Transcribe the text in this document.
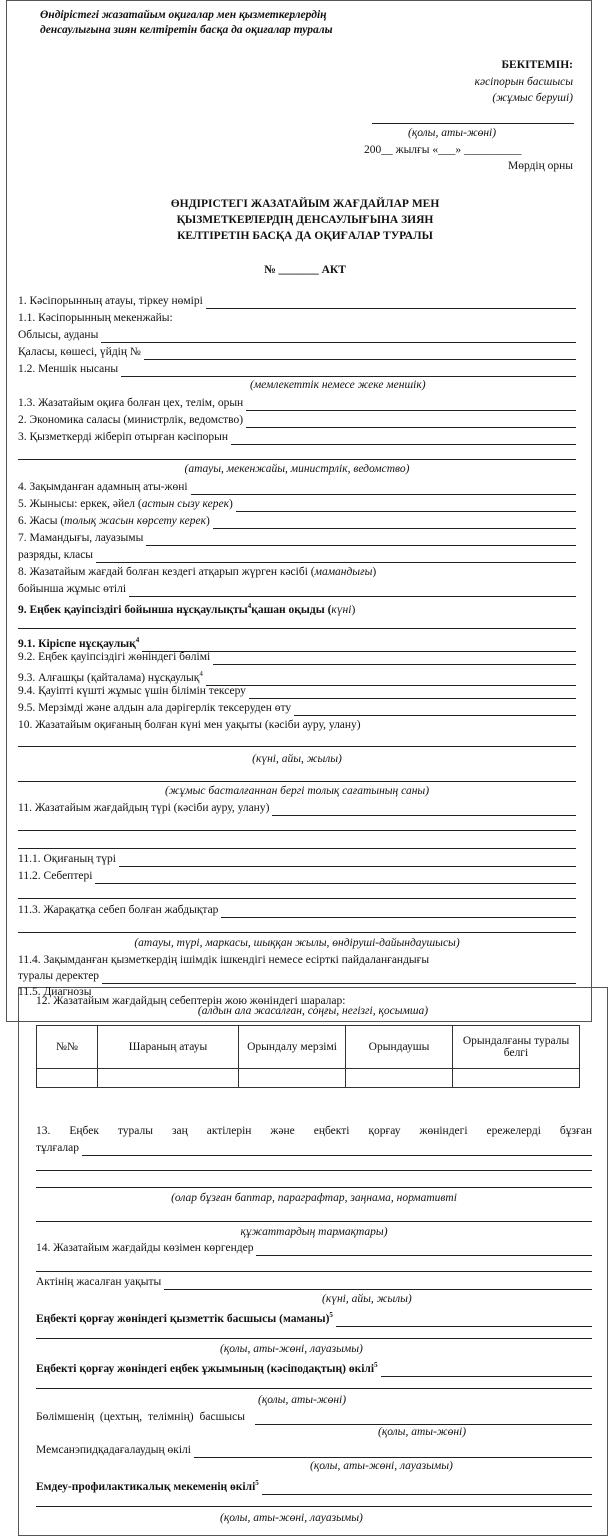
Өндірістегі жазатайым оқиғалар мен қызметкерлердің
денсаулығына зиян келтіретін басқа да оқиғалар туралы
БЕКІТЕМІН:
кәсіпорын басшысы
(жұмыс беруші)
(қолы, аты-жөні)
200__ жылғы «___» __________
Мөрдің орны
ӨНДІРІСТЕГІ ЖАЗАТАЙЫМ ЖАҒДАЙЛАР МЕН
ҚЫЗМЕТКЕРЛЕРДІҢ ДЕНСАУЛЫҒЫНА ЗИЯН
КЕЛТІРЕТІН БАСҚА ДА ОҚИҒАЛАР ТУРАЛЫ
№ _______ АКТ
1. Кәсіпорынның атауы, тіркеу нөмірі
1.1. Кәсіпорынның мекенжайы:
Облысы, ауданы
Қаласы, көшесі, үйдің №
1.2. Меншік нысаны
(мемлекеттік немесе жеке меншік)
1.3. Жазатайым оқиға болған цех, телім, орын
2. Экономика саласы (министрлік, ведомство)
3. Қызметкерді жіберіп отырған кәсіпорын
(атауы, мекенжайы, министрлік, ведомство)
4. Зақымданған адамның аты-жөні
5. Жынысы: еркек, әйел (астын сызу керек)
6. Жасы (толық жасын көрсету керек)
7. Мамандығы, лауазымы
разряды, класы
8. Жазатайым жағдай болған кездегі атқарып жүрген кәсібі (мамандығы)
бойынша жұмыс өтілі
9. Еңбек қауіпсіздігі бойынша нұсқаулықты$^4$қашан оқыды (күні)
9.1. Кіріспе нұсқаулық$^4$
9.2. Еңбек қауіпсіздігі жөніндегі бөлімі
9.3. Алғашқы (қайталама) нұсқаулық$^4$
9.4. Қауіпті күшті жұмыс үшін білімін тексеру
9.5. Мерзімді және алдын ала дәрігерлік тексеруден өту
10. Жазатайым оқиғаның болған күні мен уақыты (кәсіби ауру, улану)
(күні, айы, жылы)
(жұмыс басталғаннан бергі толық сағатының саны)
11. Жазатайым жағдайдың түрі (кәсіби ауру, улану)
11.1. Оқиғаның түрі
11.2. Себептері
11.3. Жарақатқа себеп болған жабдықтар
(атауы, түрі, маркасы, шыққан жылы, өндіруші-дайындаушысы)
11.4. Зақымданған қызметкердің ішімдік ішкендігі немесе есірткі пайдаланғандығы
туралы деректер
11.5. Диагнозы
12. Жазатайым жағдайдың себептерін жою жөніндегі шаралар:
(алдын ала жасалған, соңғы, негізгі, қосымша)
№№	Шараның атауы	Орындалу мерзімі	Орындаушы	Орындалғаны туралы белгі

13. Еңбек туралы заң актілерін және еңбекті қорғау жөніндегі ережелерді бұзған
тұлғалар
(олар бұзған баптар, параграфтар, заңнама, нормативті
құжаттардың тармақтары)
14. Жазатайым жағдайды көзімен көргендер
Актінің жасалған уақыты
(күні, айы, жылы)
Еңбекті қорғау жөніндегі қызметтік басшысы (маманы)$^5$
(қолы, аты-жөні, лауазымы)
Еңбекті қорғау жөніндегі еңбек ұжымының (кәсіподақтың) өкілі$^5$
(қолы, аты-жөні)
Бөлімшенің (цехтың, телімнің) басшысы
(қолы, аты-жөні)
Мемсанэпидқадағалаудың өкілі
(қолы, аты-жөні, лауазымы)
Емдеу-профилактикалық мекеменің өкілі$^5$
(қолы, аты-жөні, лауазымы)
